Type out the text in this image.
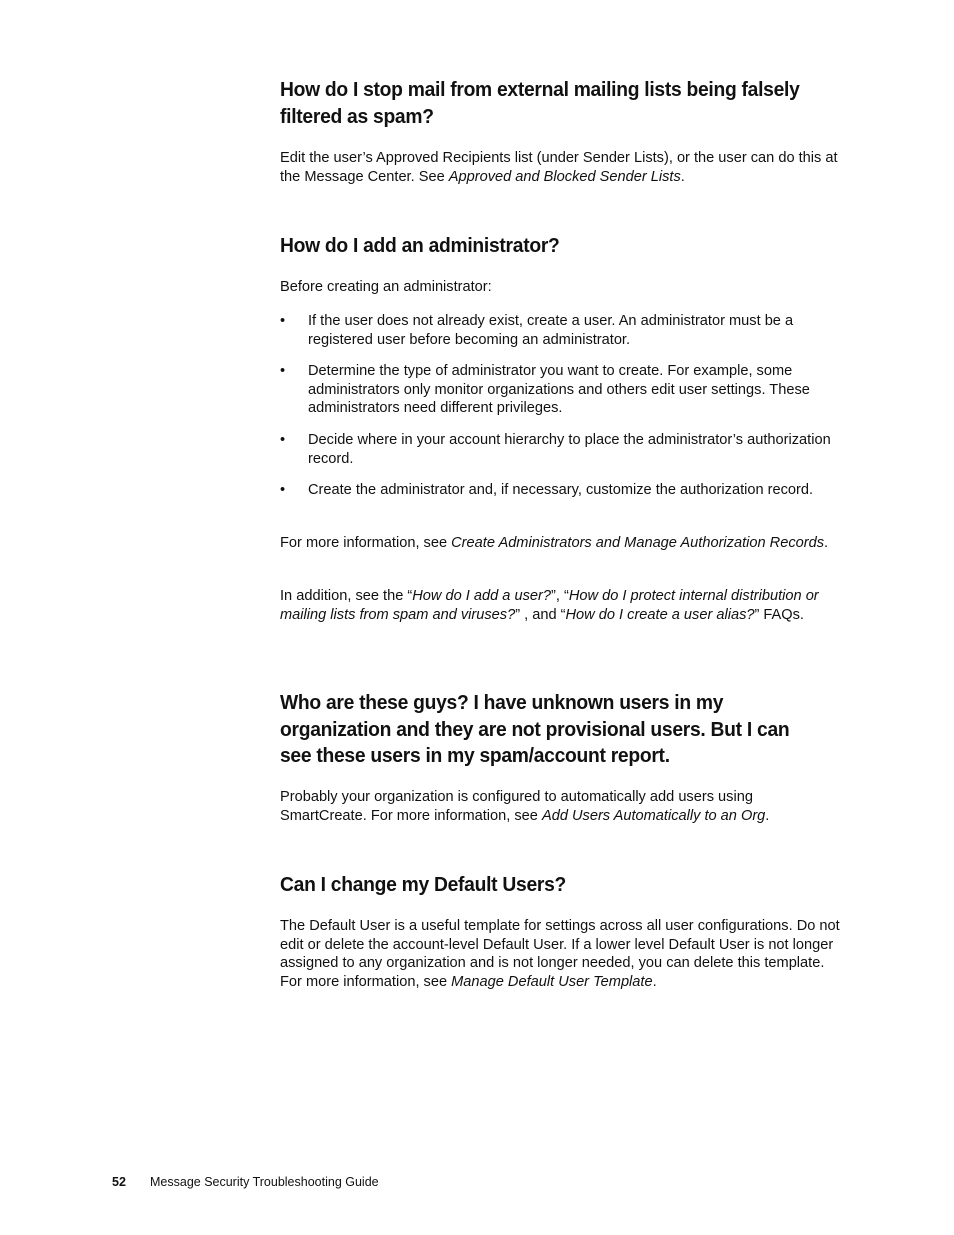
How do I stop mail from external mailing lists being falsely filtered as spam?

Edit the user’s Approved Recipients list (under Sender Lists), or the user can do this at the Message Center. See Approved and Blocked Sender Lists.

How do I add an administrator?

Before creating an administrator:

• If the user does not already exist, create a user. An administrator must be a registered user before becoming an administrator.
• Determine the type of administrator you want to create. For example, some administrators only monitor organizations and others edit user settings. These administrators need different privileges.
• Decide where in your account hierarchy to place the administrator’s authorization record.
• Create the administrator and, if necessary, customize the authorization record.

For more information, see Create Administrators and Manage Authorization Records.

In addition, see the “How do I add a user?”, “How do I protect internal distribution or mailing lists from spam and viruses?” , and “How do I create a user alias?” FAQs.

Who are these guys? I have unknown users in my organization and they are not provisional users. But I can see these users in my spam/account report.

Probably your organization is configured to automatically add users using SmartCreate. For more information, see Add Users Automatically to an Org.

Can I change my Default Users?

The Default User is a useful template for settings across all user configurations. Do not edit or delete the account-level Default User. If a lower level Default User is not longer assigned to any organization and is not longer needed, you can delete this template. For more information, see Manage Default User Template.

52 Message Security Troubleshooting Guide
